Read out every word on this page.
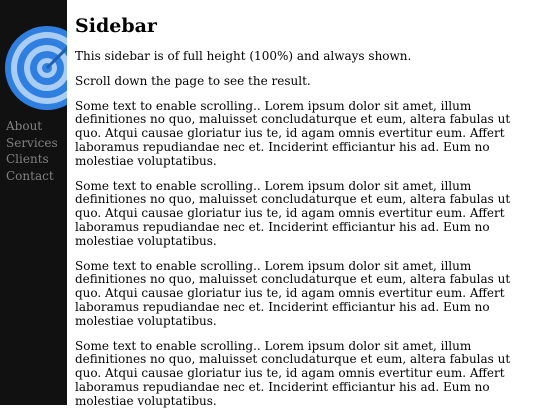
About
Services
Clients
Contact
Sidebar

This sidebar is of full height (100%) and always shown.

Scroll down the page to see the result.

Some text to enable scrolling.. Lorem ipsum dolor sit amet, illum definitiones no quo, maluisset concludaturque et eum, altera fabulas ut quo. Atqui causae gloriatur ius te, id agam omnis evertitur eum. Affert laboramus repudiandae nec et. Inciderint efficiantur his ad. Eum no molestiae voluptatibus.

Some text to enable scrolling.. Lorem ipsum dolor sit amet, illum definitiones no quo, maluisset concludaturque et eum, altera fabulas ut quo. Atqui causae gloriatur ius te, id agam omnis evertitur eum. Affert laboramus repudiandae nec et. Inciderint efficiantur his ad. Eum no molestiae voluptatibus.

Some text to enable scrolling.. Lorem ipsum dolor sit amet, illum definitiones no quo, maluisset concludaturque et eum, altera fabulas ut quo. Atqui causae gloriatur ius te, id agam omnis evertitur eum. Affert laboramus repudiandae nec et. Inciderint efficiantur his ad. Eum no molestiae voluptatibus.

Some text to enable scrolling.. Lorem ipsum dolor sit amet, illum definitiones no quo, maluisset concludaturque et eum, altera fabulas ut quo. Atqui causae gloriatur ius te, id agam omnis evertitur eum. Affert laboramus repudiandae nec et. Inciderint efficiantur his ad. Eum no molestiae voluptatibus.
